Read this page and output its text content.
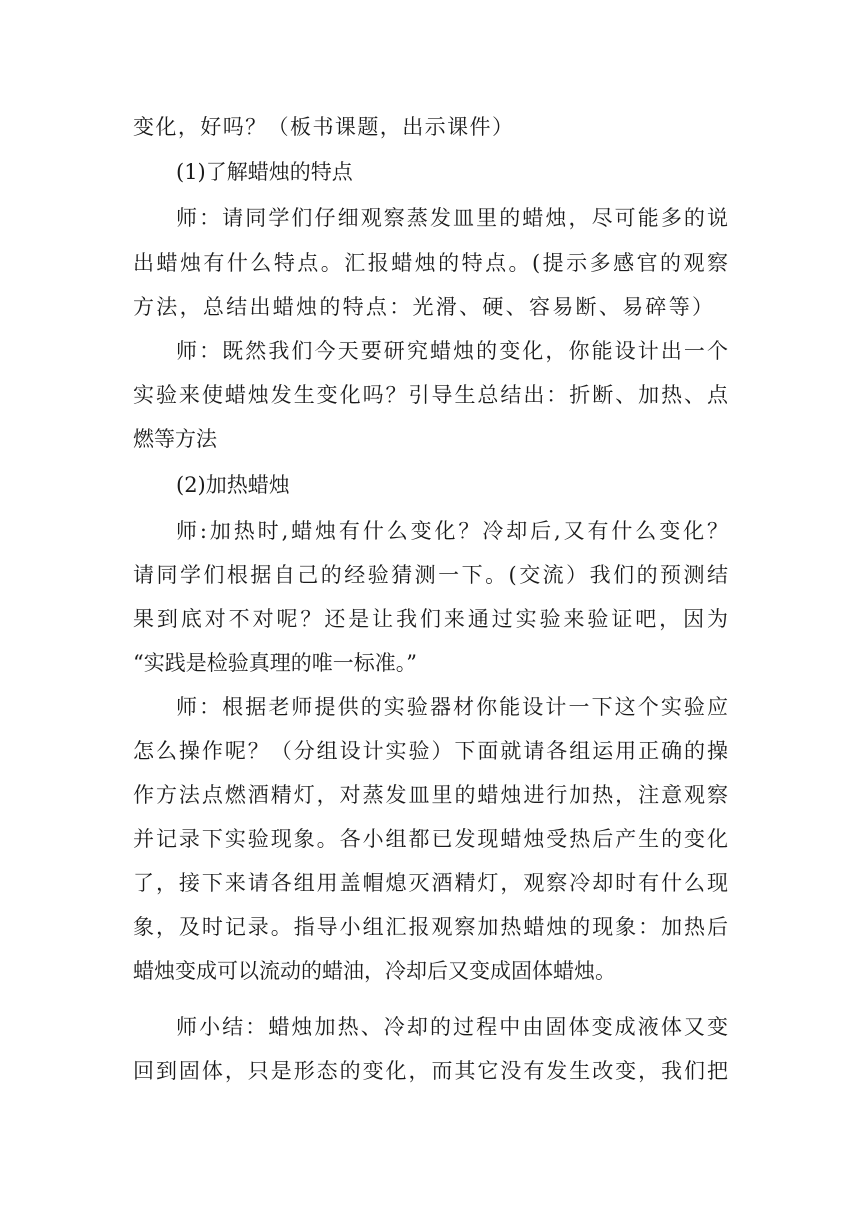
变化，好吗？（板书课题，出示课件）
(1)了解蜡烛的特点
师：请同学们仔细观察蒸发皿里的蜡烛，尽可能多的说
出蜡烛有什么特点。汇报蜡烛的特点。(提示多感官的观察
方法，总结出蜡烛的特点：光滑、硬、容易断、易碎等）
师：既然我们今天要研究蜡烛的变化，你能设计出一个
实验来使蜡烛发生变化吗？引导生总结出：折断、加热、点
燃等方法
(2)加热蜡烛
师:加热时,蜡烛有什么变化？冷却后,又有什么变化？
请同学们根据自己的经验猜测一下。(交流）我们的预测结
果到底对不对呢？还是让我们来通过实验来验证吧，因为
“实践是检验真理的唯一标准。”
师：根据老师提供的实验器材你能设计一下这个实验应
怎么操作呢？（分组设计实验）下面就请各组运用正确的操
作方法点燃酒精灯，对蒸发皿里的蜡烛进行加热，注意观察
并记录下实验现象。各小组都已发现蜡烛受热后产生的变化
了，接下来请各组用盖帽熄灭酒精灯，观察冷却时有什么现
象，及时记录。指导小组汇报观察加热蜡烛的现象：加热后
蜡烛变成可以流动的蜡油，冷却后又变成固体蜡烛。
师小结：蜡烛加热、冷却的过程中由固体变成液体又变
回到固体，只是形态的变化，而其它没有发生改变，我们把
